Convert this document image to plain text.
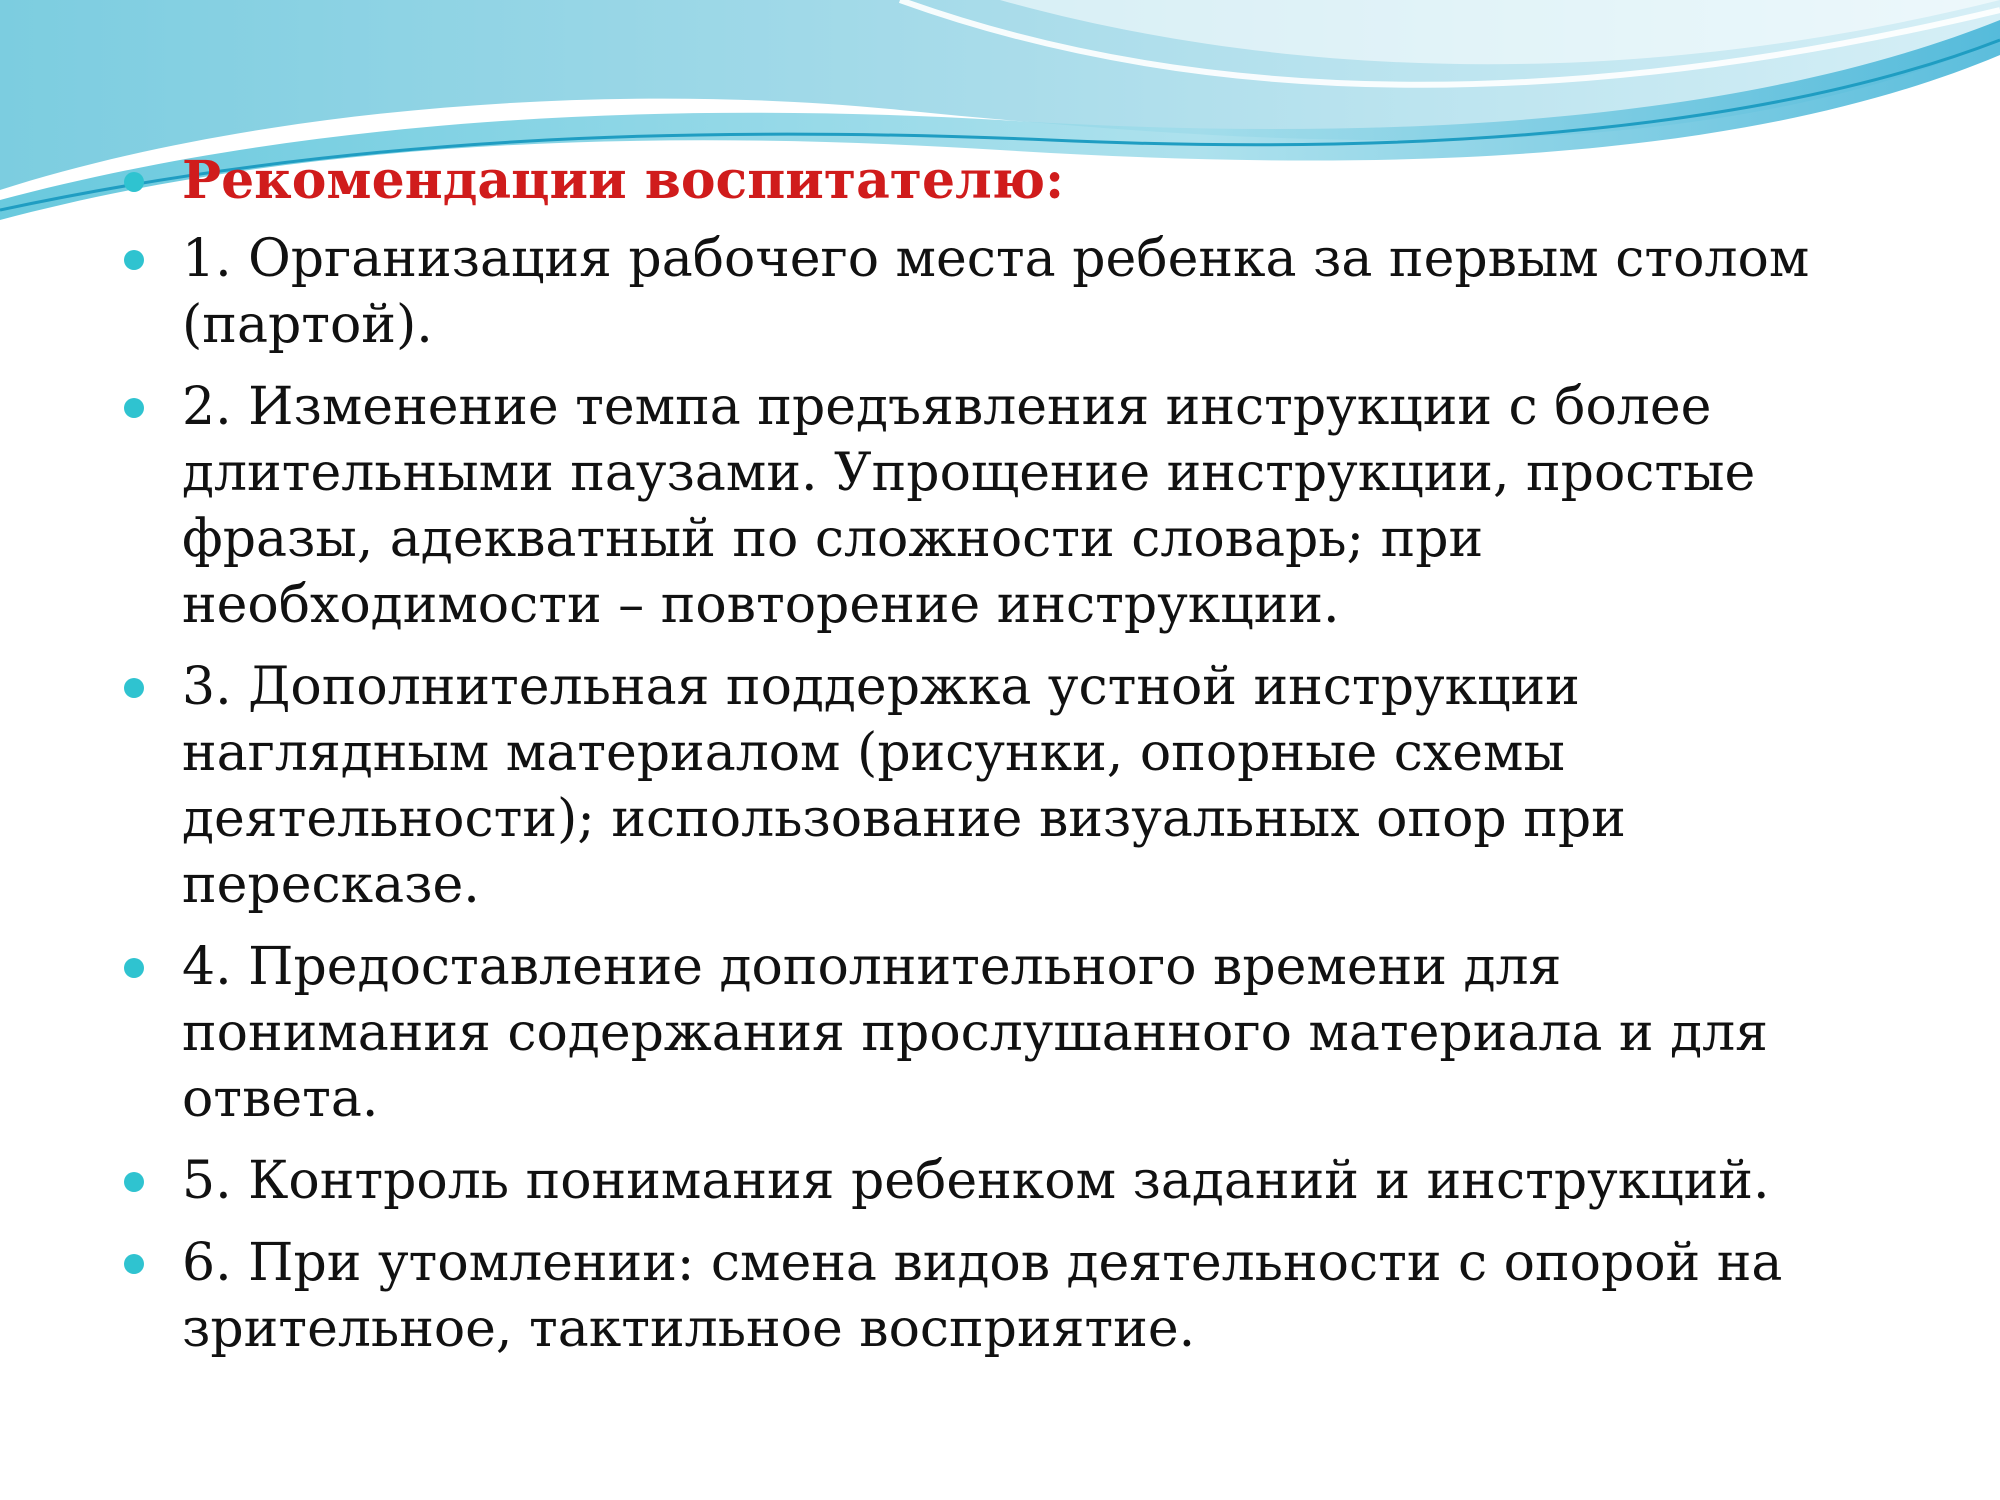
Рекомендации воспитателю:
1. Организация рабочего места ребенка за первым столом (партой).
2. Изменение темпа предъявления инструкции с более длительными паузами. Упрощение инструкции, простые фразы, адекватный по сложности словарь; при необходимости – повторение инструкции.
3. Дополнительная поддержка устной инструкции наглядным материалом (рисунки, опорные схемы деятельности); использование визуальных опор при пересказе.
4. Предоставление дополнительного времени для понимания содержания прослушанного материала и для ответа.
5. Контроль понимания ребенком заданий и инструкций.
6. При утомлении: смена видов деятельности с опорой на зрительное, тактильное восприятие.
